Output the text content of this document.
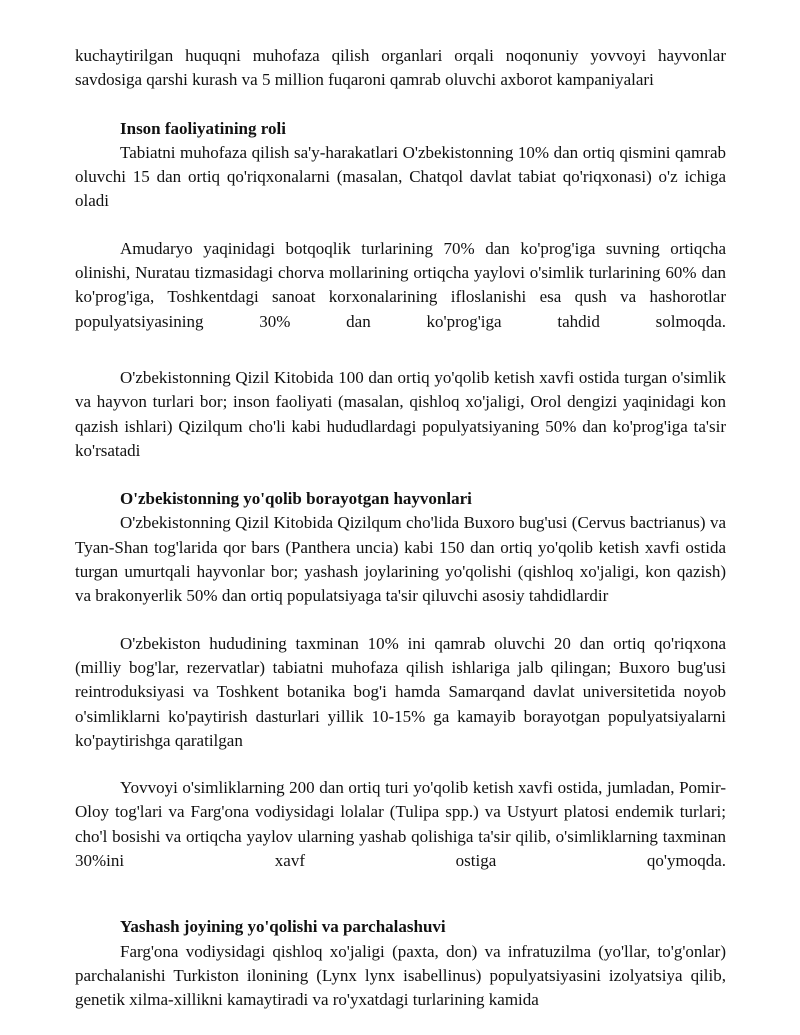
kuchaytirilgan huquqni muhofaza qilish organlari orqali noqonuniy yovvoyi hayvonlar savdosiga qarshi kurash va 5 million fuqaroni qamrab oluvchi axborot kampaniyalari

Inson faoliyatining roli

Tabiatni muhofaza qilish sa'y-harakatlari O'zbekistonning 10% dan ortiq qismini qamrab oluvchi 15 dan ortiq qo'riqxonalarni (masalan, Chatqol davlat tabiat qo'riqxonasi) o'z ichiga oladi

Amudaryo yaqinidagi botqoqlik turlarining 70% dan ko'prog'iga suvning ortiqcha olinishi, Nuratau tizmasidagi chorva mollarining ortiqcha yaylovi o'simlik turlarining 60% dan ko'prog'iga, Toshkentdagi sanoat korxonalarining ifloslanishi esa qush va hashorotlar populyatsiyasining 30% dan ko'prog'iga tahdid solmoqda.

O'zbekistonning Qizil Kitobida 100 dan ortiq yo'qolib ketish xavfi ostida turgan o'simlik va hayvon turlari bor; inson faoliyati (masalan, qishloq xo'jaligi, Orol dengizi yaqinidagi kon qazish ishlari) Qizilqum cho'li kabi hududlardagi populyatsiyaning 50% dan ko'prog'iga ta'sir ko'rsatadi

O'zbekistonning yo'qolib borayotgan hayvonlari

O'zbekistonning Qizil Kitobida Qizilqum cho'lida Buxoro bug'usi (Cervus bactrianus) va Tyan-Shan tog'larida qor bars (Panthera uncia) kabi 150 dan ortiq yo'qolib ketish xavfi ostida turgan umurtqali hayvonlar bor; yashash joylarining yo'qolishi (qishloq xo'jaligi, kon qazish) va brakonyerlik 50% dan ortiq populatsiyaga ta'sir qiluvchi asosiy tahdidlardir

O'zbekiston hududining taxminan 10% ini qamrab oluvchi 20 dan ortiq qo'riqxona (milliy bog'lar, rezervatlar) tabiatni muhofaza qilish ishlariga jalb qilingan; Buxoro bug'usi reintroduksiyasi va Toshkent botanika bog'i hamda Samarqand davlat universitetida noyob o'simliklarni ko'paytirish dasturlari yillik 10-15% ga kamayib borayotgan populyatsiyalarni ko'paytirishga qaratilgan

Yovvoyi o'simliklarning 200 dan ortiq turi yo'qolib ketish xavfi ostida, jumladan, Pomir-Oloy tog'lari va Farg'ona vodiysidagi lolalar (Tulipa spp.) va Ustyurt platosi endemik turlari; cho'l bosishi va ortiqcha yaylov ularning yashab qolishiga ta'sir qilib, o'simliklarning taxminan 30%ini xavf ostiga qo'ymoqda.

Yashash joyining yo'qolishi va parchalashuvi

Farg'ona vodiysidagi qishloq xo'jaligi (paxta, don) va infratuzilma (yo'llar, to'g'onlar) parchalanishi Turkiston ilonining (Lynx lynx isabellinus) populyatsiyasini izolyatsiya qilib, genetik xilma-xillikni kamaytiradi va ro'yxatdagi turlarining kamida
